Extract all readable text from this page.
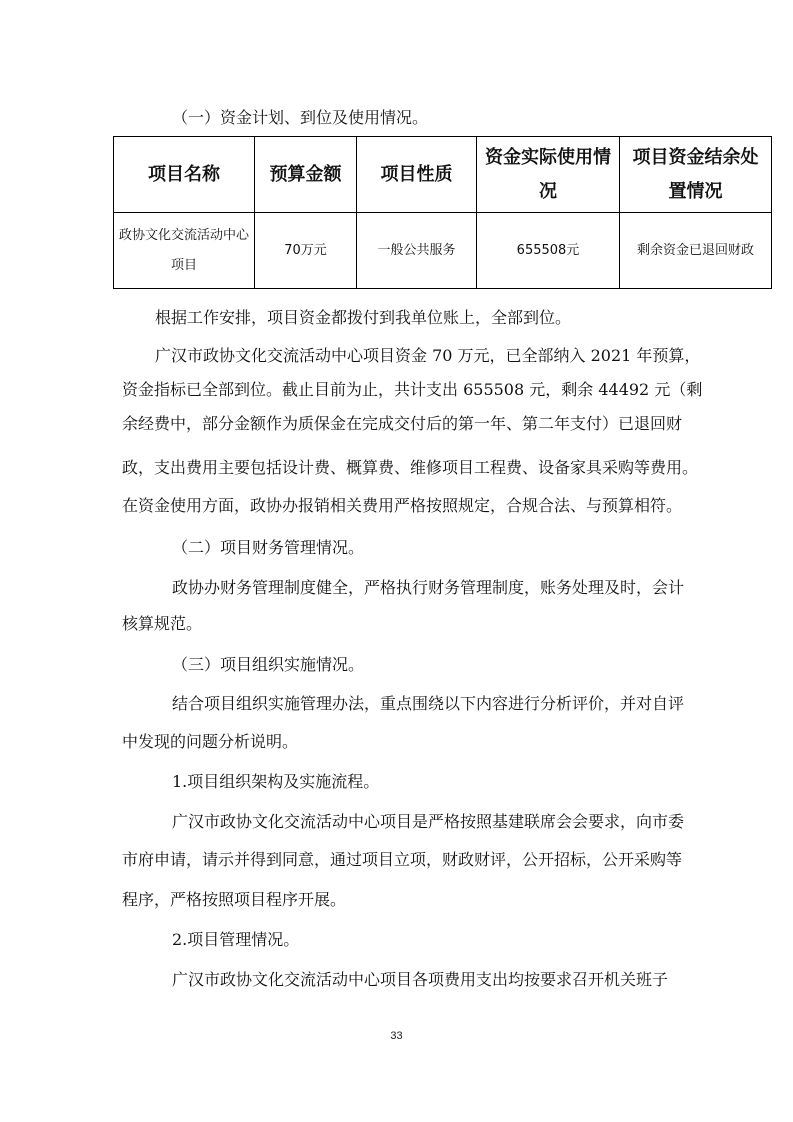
（一）资金计划、到位及使用情况。
项目名称	预算金额	项目性质	资金实际使用情况	项目资金结余处置情况
政协文化交流活动中心项目	70万元	一般公共服务	655508元	剩余资金已退回财政
根据工作安排，项目资金都拨付到我单位账上，全部到位。
广汉市政协文化交流活动中心项目资金 70 万元，已全部纳入 2021 年预算，
资金指标已全部到位。截止目前为止，共计支出 655508 元，剩余 44492 元（剩
余经费中，部分金额作为质保金在完成交付后的第一年、第二年支付）已退回财
政，支出费用主要包括设计费、概算费、维修项目工程费、设备家具采购等费用。
在资金使用方面，政协办报销相关费用严格按照规定，合规合法、与预算相符。
（二）项目财务管理情况。
政协办财务管理制度健全，严格执行财务管理制度，账务处理及时，会计
核算规范。
（三）项目组织实施情况。
结合项目组织实施管理办法，重点围绕以下内容进行分析评价，并对自评
中发现的问题分析说明。
1.项目组织架构及实施流程。
广汉市政协文化交流活动中心项目是严格按照基建联席会会要求，向市委
市府申请，请示并得到同意，通过项目立项，财政财评，公开招标，公开采购等
程序，严格按照项目程序开展。
2.项目管理情况。
广汉市政协文化交流活动中心项目各项费用支出均按要求召开机关班子
33
